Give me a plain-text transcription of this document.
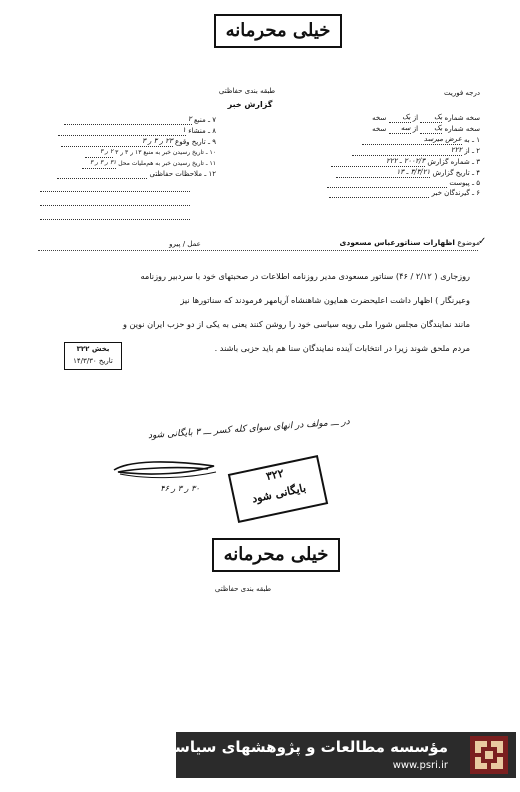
خیلی محرمانه
طبقه بندی حفاظتی
گزارش خبر
درجه فوریت
سخه شماره یک از یک سخه
سخه شماره یک از سه سخه
۱ ـ به عرض میرسد
۲ ـ از ۲۲۲
۳ ـ شماره گزارش ۲۰۰۲/۳ ـ ۲۲۲
۴ ـ تاریخ گزارش ۳/۳/۲۱ ـ ۱۳
۵ ـ پیوست
۶ ـ گیرندگان خبر
۷ ـ منبع ۲
۸ ـ منشاء ۱
۹ ـ تاریخ وقوع ۲۳ ر ۳ ر ۳
۱۰ ـ تاریخ رسیدن خبر به منبع ۱۳ ر ۳ ر ۳ ۲ ر ۳
۱۱ ـ تاریخ رسیدن خبر به هم‌ملیات محل ۳۱ ر ۳ ر ۳
۱۲ ـ ملاحظات حفاظتی
موضوع اظهارات سناتورعباس مسعودی
عمل / پیرو	✓
روزجاری ( ۲/۱۲ / ۴۶) سناتور مسعودی مدیر روزنامه اطلاعات در صحبتهای خود با سردبیر روزنامه
وعیرنگار ) اظهار داشت اعلیحضرت همایون شاهنشاه آریامهر فرمودند که سناتورها نیز
مانند نمایندگان مجلس شورا ملی رویه سیاسی خود را روشن کنند یعنی به یکی از دو حزب ایران نوین و
مردم ملحق شوند زیرا در انتخابات آینده نمایندگان سنا هم باید حزبی باشند .
بخش ۳۲۲
تاریخ ۱۴/۳/۳۰
در ـــ مولف در انهای سوای کله کسر ـــ ۳ بایگانی شود
۳۰ ر ۳ ر ۴۶
۳۲۲
بایگانی شود
خیلی محرمانه
طبقه بندی حفاظتی
مؤسسه مطالعات و پژوهشهای سیاسی
www.psri.ir
